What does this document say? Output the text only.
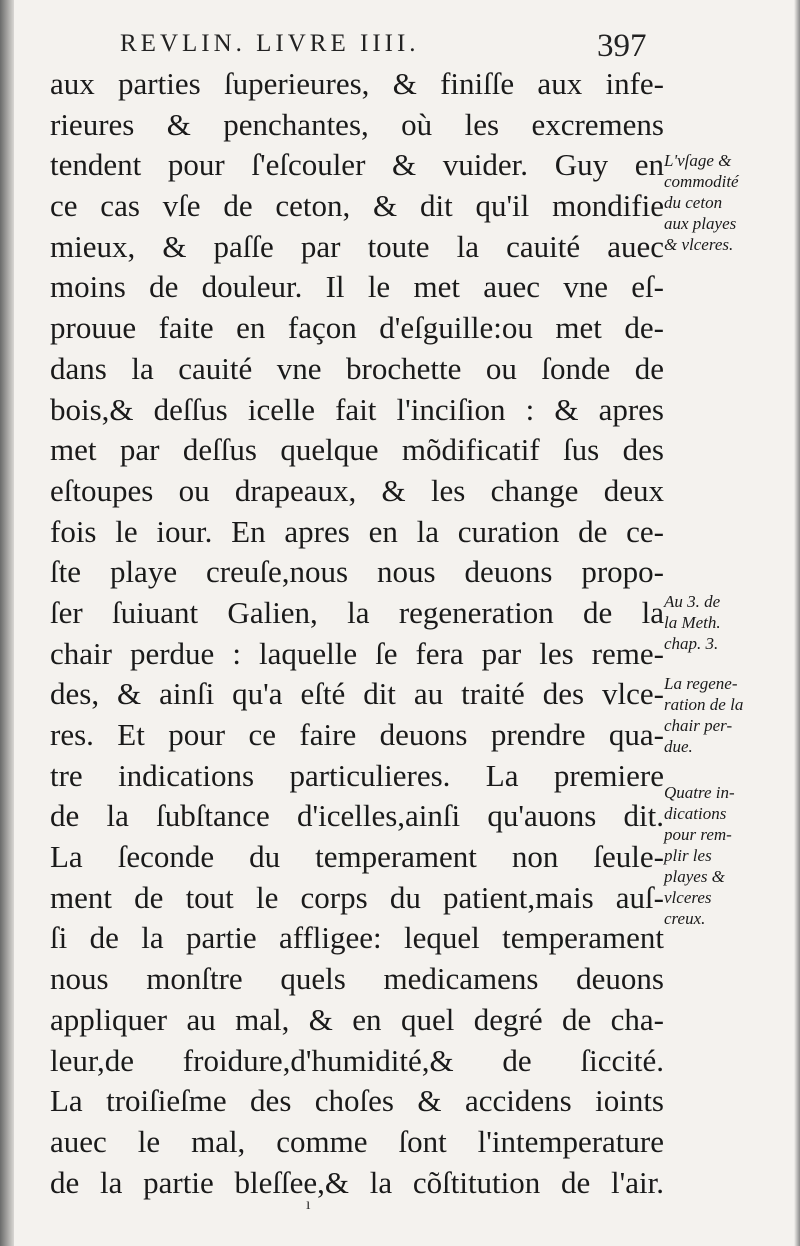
REVLIN. LIVRE IIII.	397
aux parties ſuperieures, & finiſſe aux infe-
rieures & penchantes, où les excremens
tendent pour ſ'eſcouler & vuider. Guy en
ce cas vſe de ceton, & dit qu'il mondifie
mieux, & paſſe par toute la cauité auec
moins de douleur. Il le met auec vne eſ-
prouue faite en façon d'eſguille:ou met de-
dans la cauité vne brochette ou ſonde de
bois,& deſſus icelle fait l'inciſion : & apres
met par deſſus quelque mõdificatif ſus des
eſtoupes ou drapeaux, & les change deux
fois le iour. En apres en la curation de ce-
ſte playe creuſe,nous nous deuons propo-
ſer ſuiuant Galien, la regeneration de la
chair perdue : laquelle ſe fera par les reme-
des, & ainſi qu'a eſté dit au traité des vlce-
res. Et pour ce faire deuons prendre qua-
tre indications particulieres. La premiere
de la ſubſtance d'icelles,ainſi qu'auons dit.
La ſeconde du temperament non ſeule-
ment de tout le corps du patient,mais auſ-
ſi de la partie affligee: lequel temperament
nous monſtre quels medicamens deuons
appliquer au mal, & en quel degré de cha-
leur,de froidure,d'humidité,& de ſiccité.
La troiſieſme des choſes & accidens ioints
auec le mal, comme ſont l'intemperature
de la partie bleſſee,& la cõſtitution de l'air.
L'vſage &
commodité
du ceton
aux playes
& vlceres.
Au 3. de
la Meth.
chap. 3.
La regene-
ration de la
chair per-
due.
Quatre in-
dications
pour rem-
plir les
playes &
vlceres
creux.
ı
